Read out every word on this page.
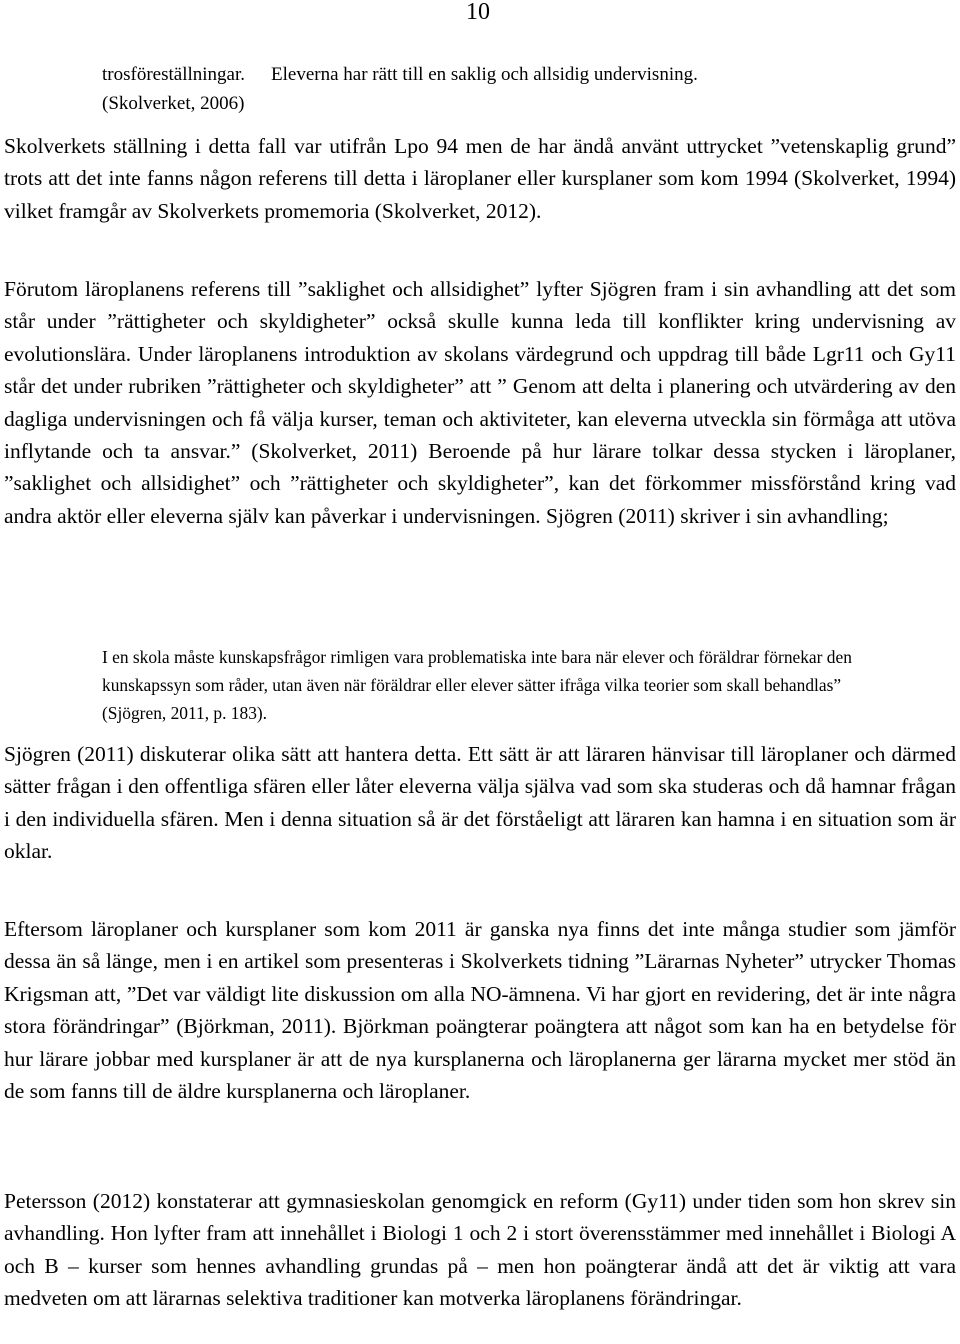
10

trosföreställningar. Eleverna har rätt till en saklig och allsidig undervisning.
(Skolverket, 2006)

Skolverkets ställning i detta fall var utifrån Lpo 94 men de har ändå använt uttrycket ”vetenskaplig grund” trots att det inte fanns någon referens till detta i läroplaner eller kursplaner som kom 1994 (Skolverket, 1994) vilket framgår av Skolverkets promemoria (Skolverket, 2012).

Förutom läroplanens referens till ”saklighet och allsidighet” lyfter Sjögren fram i sin avhandling att det som står under ”rättigheter och skyldigheter” också skulle kunna leda till konflikter kring undervisning av evolutionslära. Under läroplanens introduktion av skolans värdegrund och uppdrag till både Lgr11 och Gy11 står det under rubriken ”rättigheter och skyldigheter” att ” Genom att delta i planering och utvärdering av den dagliga undervisningen och få välja kurser, teman och aktiviteter, kan eleverna utveckla sin förmåga att utöva inflytande och ta ansvar.” (Skolverket, 2011) Beroende på hur lärare tolkar dessa stycken i läroplaner, ”saklighet och allsidighet” och ”rättigheter och skyldigheter”, kan det förkommer missförstånd kring vad andra aktör eller eleverna själv kan påverkar i undervisningen. Sjögren (2011) skriver i sin avhandling;

I en skola måste kunskapsfrågor rimligen vara problematiska inte bara när elever och föräldrar förnekar den kunskapssyn som råder, utan även när föräldrar eller elever sätter ifråga vilka teorier som skall behandlas” (Sjögren, 2011, p. 183).

Sjögren (2011) diskuterar olika sätt att hantera detta. Ett sätt är att läraren hänvisar till läroplaner och därmed sätter frågan i den offentliga sfären eller låter eleverna välja själva vad som ska studeras och då hamnar frågan i den individuella sfären. Men i denna situation så är det förståeligt att läraren kan hamna i en situation som är oklar.

Eftersom läroplaner och kursplaner som kom 2011 är ganska nya finns det inte många studier som jämför dessa än så länge, men i en artikel som presenteras i Skolverkets tidning ”Lärarnas Nyheter” utrycker Thomas Krigsman att, ”Det var väldigt lite diskussion om alla NO-ämnena. Vi har gjort en revidering, det är inte några stora förändringar” (Björkman, 2011). Björkman poängterar poängtera att något som kan ha en betydelse för hur lärare jobbar med kursplaner är att de nya kursplanerna och läroplanerna ger lärarna mycket mer stöd än de som fanns till de äldre kursplanerna och läroplaner.

Petersson (2012) konstaterar att gymnasieskolan genomgick en reform (Gy11) under tiden som hon skrev sin avhandling. Hon lyfter fram att innehållet i Biologi 1 och 2 i stort överensstämmer med innehållet i Biologi A och B – kurser som hennes avhandling grundas på – men hon poängterar ändå att det är viktig att vara medveten om att lärarnas selektiva traditioner kan motverka läroplanens förändringar.
